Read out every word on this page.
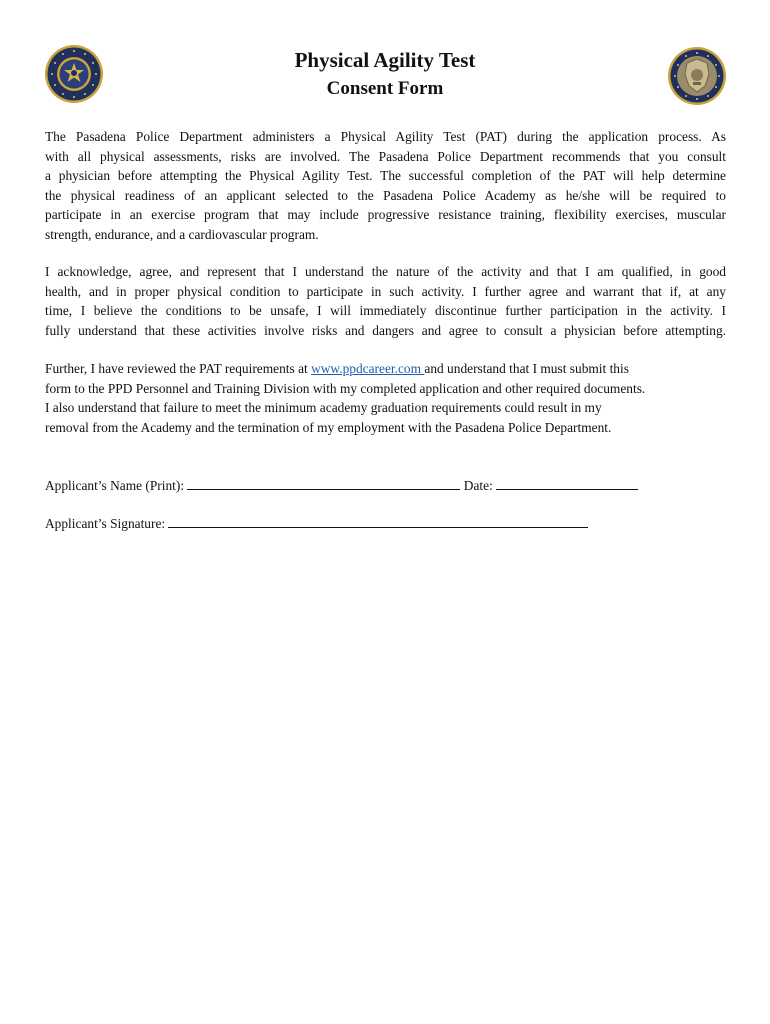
Physical Agility Test
Consent Form
The Pasadena Police Department administers a Physical Agility Test (PAT) during the application process. As
with all physical assessments, risks are involved. The Pasadena Police Department recommends that you consult
a physician before attempting the Physical Agility Test. The successful completion of the PAT will help determine
the physical readiness of an applicant selected to the Pasadena Police Academy as he/she will be required to
participate in an exercise program that may include progressive resistance training, flexibility exercises, muscular
strength, endurance, and a cardiovascular program.
I acknowledge, agree, and represent that I understand the nature of the activity and that I am qualified, in good
health, and in proper physical condition to participate in such activity. I further agree and warrant that if, at any
time, I believe the conditions to be unsafe, I will immediately discontinue further participation in the activity. I
fully understand that these activities involve risks and dangers and agree to consult a physician before attempting.
Further, I have reviewed the PAT requirements at www.ppdcareer.com and understand that I must submit this
form to the PPD Personnel and Training Division with my completed application and other required documents.
I also understand that failure to meet the minimum academy graduation requirements could result in my
removal from the Academy and the termination of my employment with the Pasadena Police Department.
Applicant’s Name (Print):	Date:
Applicant’s Signature:
